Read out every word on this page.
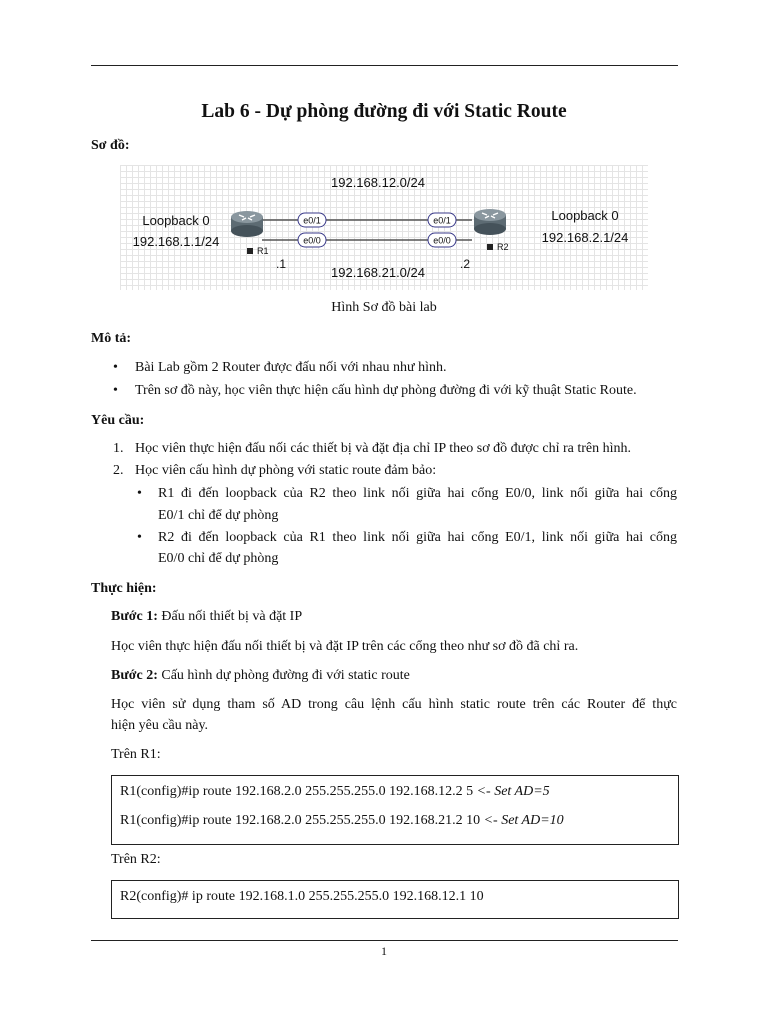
Lab 6 - Dự phòng đường đi với Static Route
Sơ đồ:
e0/1
e0/0
e0/1
e0/0
R1	R2
192.168.12.0/24
192.168.21.0/24
Loopback 0
192.168.1.1/24
Loopback 0
192.168.2.1/24
.1	.2
Hình Sơ đồ bài lab
Mô tả:
• Bài Lab gồm 2 Router được đấu nối với nhau như hình.
• Trên sơ đồ này, học viên thực hiện cấu hình dự phòng đường đi với kỹ thuật Static Route.
Yêu cầu:
1. Học viên thực hiện đấu nối các thiết bị và đặt địa chỉ IP theo sơ đồ được chỉ ra trên hình.
2. Học viên cấu hình dự phòng với static route đảm bảo:
• R1 đi đến loopback của R2 theo link nối giữa hai cổng E0/0, link nối giữa hai cổng
E0/1 chỉ để dự phòng
• R2 đi đến loopback của R1 theo link nối giữa hai cổng E0/1, link nối giữa hai cổng
E0/0 chỉ để dự phòng
Thực hiện:
Bước 1: Đấu nối thiết bị và đặt IP
Học viên thực hiện đấu nối thiết bị và đặt IP trên các cổng theo như sơ đồ đã chỉ ra.
Bước 2: Cấu hình dự phòng đường đi với static route
Học viên sử dụng tham số AD trong câu lệnh cấu hình static route trên các Router để thực
hiện yêu cầu này.
Trên R1:
R1(config)#ip route 192.168.2.0 255.255.255.0 192.168.12.2 5 <- Set AD=5
R1(config)#ip route 192.168.2.0 255.255.255.0 192.168.21.2 10 <- Set AD=10
Trên R2:
R2(config)# ip route 192.168.1.0 255.255.255.0 192.168.12.1 10
1
